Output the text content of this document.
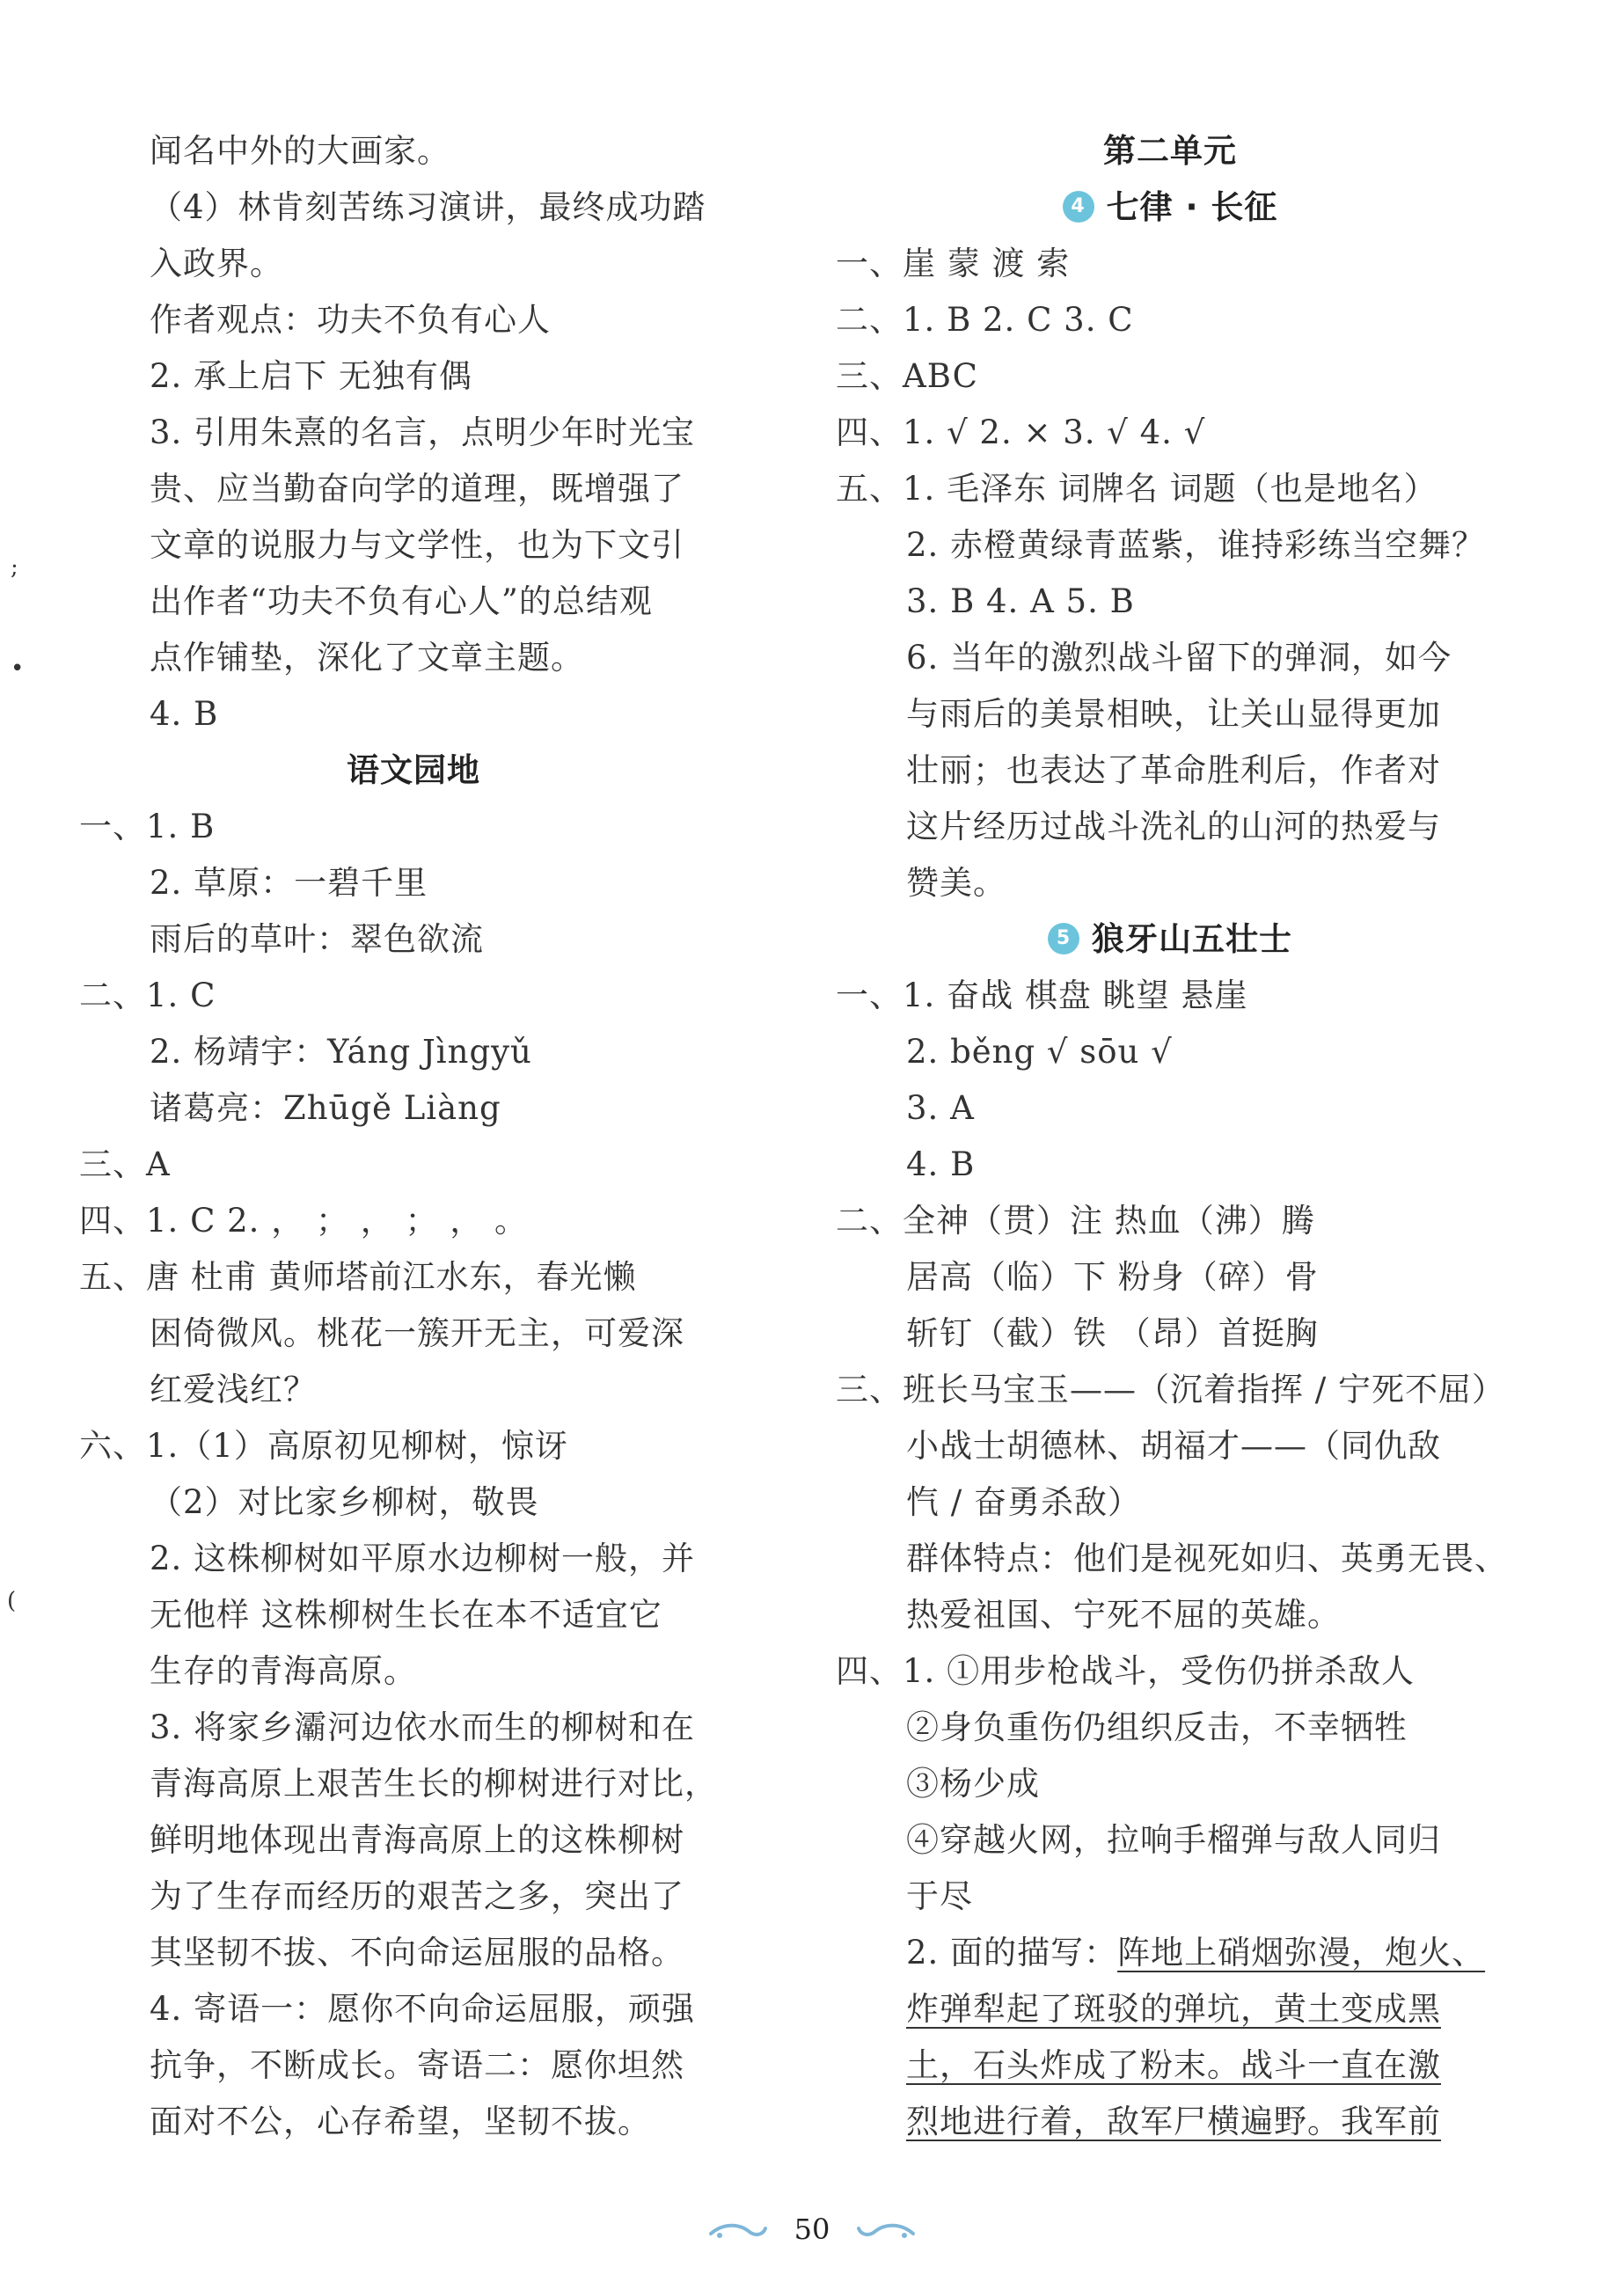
;
•
(
闻名中外的大画家。
（4）林肯刻苦练习演讲，最终成功踏
入政界。
作者观点：功夫不负有心人
2. 承上启下 无独有偶
3. 引用朱熹的名言，点明少年时光宝
贵、应当勤奋向学的道理，既增强了
文章的说服力与文学性，也为下文引
出作者“功夫不负有心人”的总结观
点作铺垫，深化了文章主题。
4. B
语文园地
一、1. B
2. 草原：一碧千里
雨后的草叶：翠色欲流
二、1. C
2. 杨靖宇：Yáng Jìngyǔ
诸葛亮：Zhūgě Liàng
三、A
四、1. C 2. ， ； ， ； ， 。
五、唐 杜甫 黄师塔前江水东，春光懒
困倚微风。桃花一簇开无主，可爱深
红爱浅红？
六、1.（1）高原初见柳树，惊讶
（2）对比家乡柳树，敬畏
2. 这株柳树如平原水边柳树一般，并
无他样 这株柳树生长在本不适宜它
生存的青海高原。
3. 将家乡灞河边依水而生的柳树和在
青海高原上艰苦生长的柳树进行对比，
鲜明地体现出青海高原上的这株柳树
为了生存而经历的艰苦之多，突出了
其坚韧不拔、不向命运屈服的品格。
4. 寄语一：愿你不向命运屈服，顽强
抗争，不断成长。寄语二：愿你坦然
面对不公，心存希望，坚韧不拔。
第二单元
4 七律 · 长征
一、崖 蒙 渡 索
二、1. B 2. C 3. C
三、ABC
四、1. √ 2. × 3. √ 4. √
五、1. 毛泽东 词牌名 词题（也是地名）
2. 赤橙黄绿青蓝紫，谁持彩练当空舞？
3. B 4. A 5. B
6. 当年的激烈战斗留下的弹洞，如今
与雨后的美景相映，让关山显得更加
壮丽；也表达了革命胜利后，作者对
这片经历过战斗洗礼的山河的热爱与
赞美。
5 狼牙山五壮士
一、1. 奋战 棋盘 眺望 悬崖
2. běng √ sōu √
3. A
4. B
二、全神（贯）注 热血（沸）腾
居高（临）下 粉身（碎）骨
斩钉（截）铁 （昂）首挺胸
三、班长马宝玉——（沉着指挥 / 宁死不屈）
小战士胡德林、胡福才——（同仇敌
忾 / 奋勇杀敌）
群体特点：他们是视死如归、英勇无畏、
热爱祖国、宁死不屈的英雄。
四、1. ①用步枪战斗，受伤仍拼杀敌人
②身负重伤仍组织反击，不幸牺牲
③杨少成
④穿越火网，拉响手榴弹与敌人同归
于尽
2. 面的描写：阵地上硝烟弥漫，炮火、
炸弹犁起了斑驳的弹坑，黄土变成黑
土，石头炸成了粉末。战斗一直在激
烈地进行着，敌军尸横遍野。我军前
50
